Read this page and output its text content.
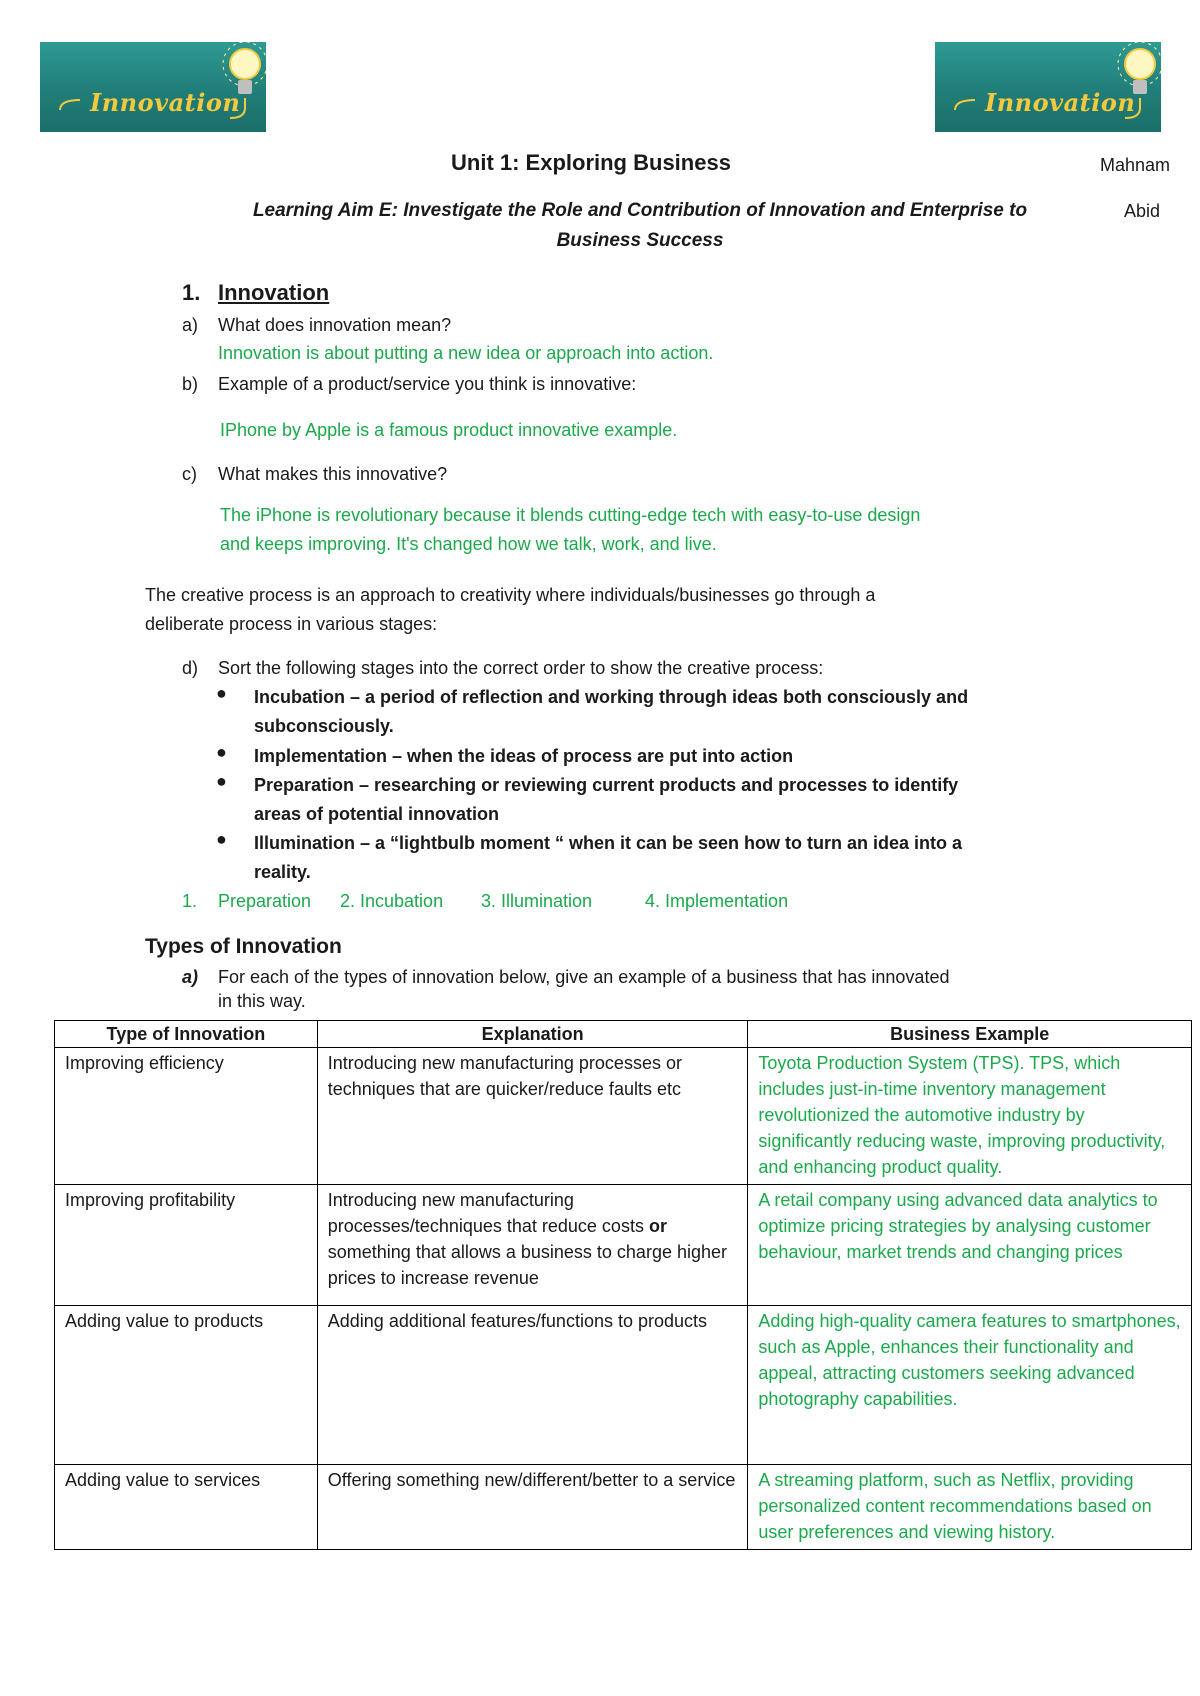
Innovation	Innovation
Unit 1: Exploring Business	Mahnam
Abid
Learning Aim E: Investigate the Role and Contribution of Innovation and Enterprise to
Business Success
1. Innovation
a) What does innovation mean?
Innovation is about putting a new idea or approach into action.
b) Example of a product/service you think is innovative:
IPhone by Apple is a famous product innovative example.
c) What makes this innovative?
The iPhone is revolutionary because it blends cutting-edge tech with easy-to-use design
and keeps improving. It's changed how we talk, work, and live.
The creative process is an approach to creativity where individuals/businesses go through a
deliberate process in various stages:
d) Sort the following stages into the correct order to show the creative process:
● Incubation – a period of reflection and working through ideas both consciously and
subconsciously.
● Implementation – when the ideas of process are put into action
● Preparation – researching or reviewing current products and processes to identify
areas of potential innovation
● Illumination – a “lightbulb moment “ when it can be seen how to turn an idea into a
reality.
1. Preparation 2. Incubation 3. Illumination	4. Implementation
Types of Innovation
a) For each of the types of innovation below, give an example of a business that has innovated
in this way.
Type of Innovation	Explanation	Business Example
Improving efficiency	Introducing new manufacturing processes or techniques that are quicker/reduce faults etc	Toyota Production System (TPS). TPS, which includes just-in-time inventory management revolutionized the automotive industry by significantly reducing waste, improving productivity, and enhancing product quality.
Improving profitability	Introducing new manufacturing processes/techniques that reduce costs or something that allows a business to charge higher prices to increase revenue	A retail company using advanced data analytics to optimize pricing strategies by analysing customer behaviour, market trends and changing prices
Adding value to products	Adding additional features/functions to products	Adding high-quality camera features to smartphones, such as Apple, enhances their functionality and appeal, attracting customers seeking advanced photography capabilities.
Adding value to services	Offering something new/different/better to a service	A streaming platform, such as Netflix, providing personalized content recommendations based on user preferences and viewing history.
